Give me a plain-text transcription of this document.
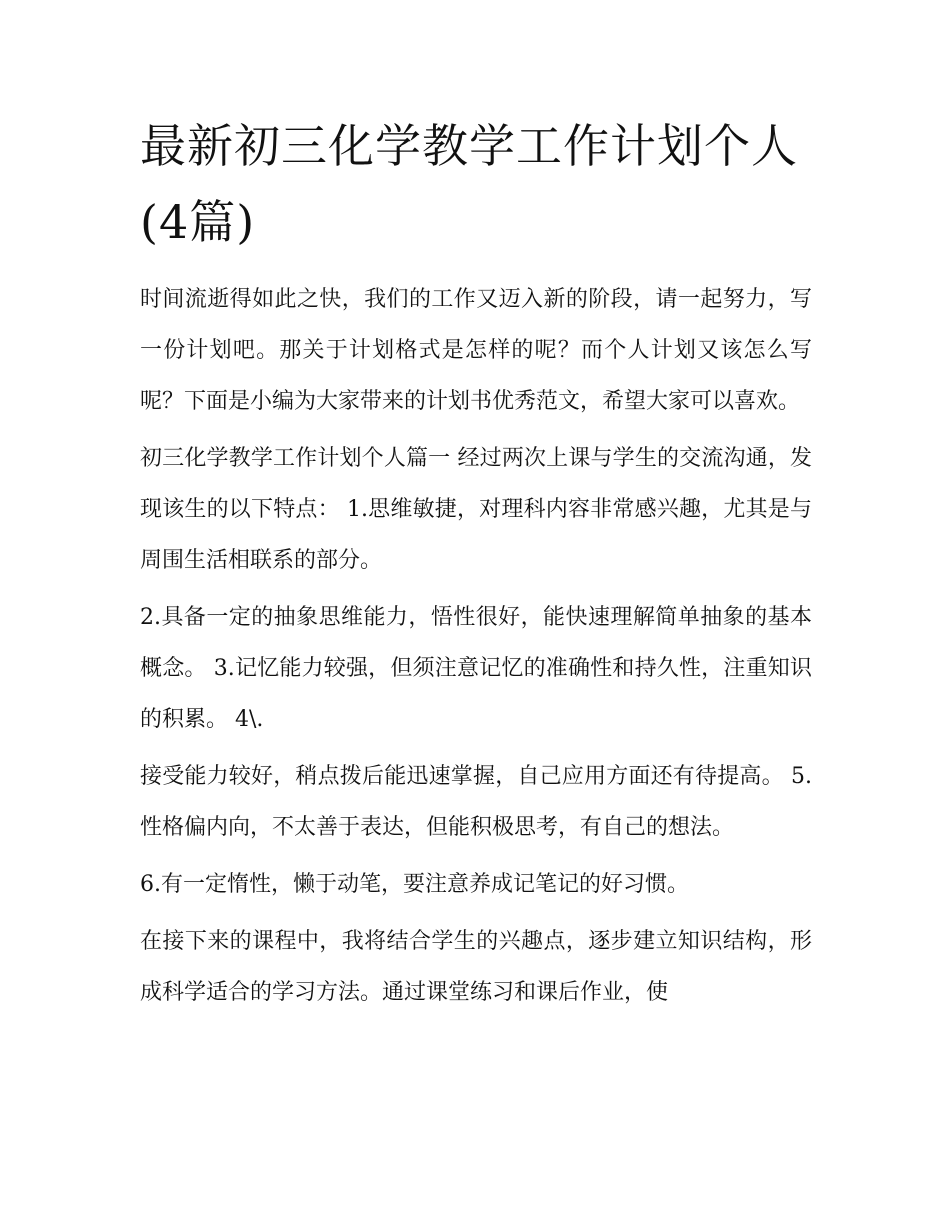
最新初三化学教学工作计划个人(4篇)

时间流逝得如此之快，我们的工作又迈入新的阶段，请一起努力，写一份计划吧。那关于计划格式是怎样的呢？而个人计划又该怎么写呢？下面是小编为大家带来的计划书优秀范文，希望大家可以喜欢。

初三化学教学工作计划个人篇一 经过两次上课与学生的交流沟通，发现该生的以下特点： 1.思维敏捷，对理科内容非常感兴趣，尤其是与周围生活相联系的部分。

2.具备一定的抽象思维能力，悟性很好，能快速理解简单抽象的基本概念。 3.记忆能力较强，但须注意记忆的准确性和持久性，注重知识的积累。 4\.

接受能力较好，稍点拨后能迅速掌握，自己应用方面还有待提高。 5.性格偏内向，不太善于表达，但能积极思考，有自己的想法。

6.有一定惰性，懒于动笔，要注意养成记笔记的好习惯。

在接下来的课程中，我将结合学生的兴趣点，逐步建立知识结构，形成科学适合的学习方法。通过课堂练习和课后作业，使
